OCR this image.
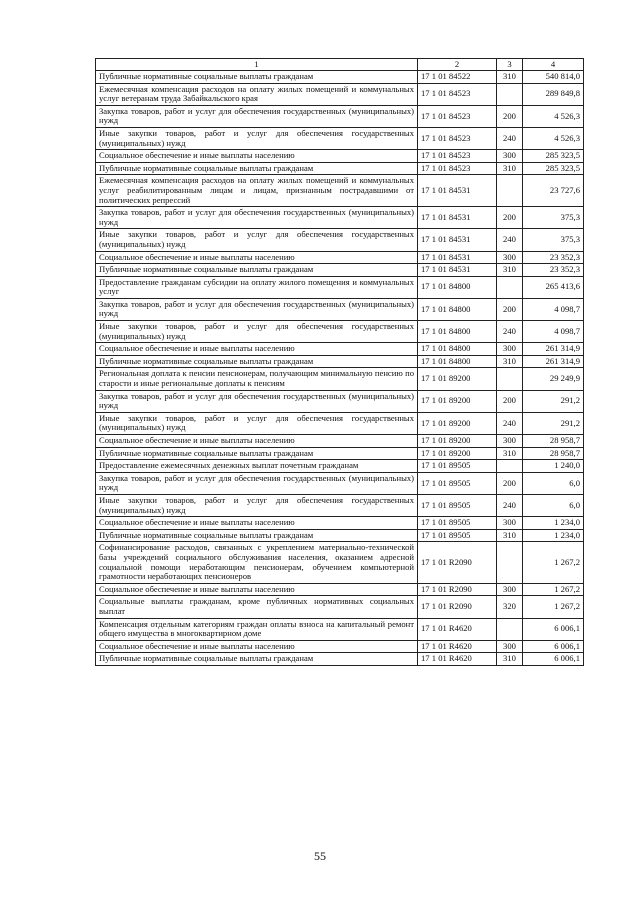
1	2	3	4
Публичные нормативные социальные выплаты гражданам	17 1 01 84522	310	540 814,0
Ежемесячная компенсация расходов на оплату жилых помещений и коммунальных услуг ветеранам труда Забайкальского края	17 1 01 84523		289 849,8
Закупка товаров, работ и услуг для обеспечения государственных (муниципальных) нужд	17 1 01 84523	200	4 526,3
Иные закупки товаров, работ и услуг для обеспечения государственных (муниципальных) нужд	17 1 01 84523	240	4 526,3
Социальное обеспечение и иные выплаты населению	17 1 01 84523	300	285 323,5
Публичные нормативные социальные выплаты гражданам	17 1 01 84523	310	285 323,5
Ежемесячная компенсация расходов на оплату жилых помещений и коммунальных услуг реабилитированным лицам и лицам, признанным пострадавшими от политических репрессий	17 1 01 84531		23 727,6
Закупка товаров, работ и услуг для обеспечения государственных (муниципальных) нужд	17 1 01 84531	200	375,3
Иные закупки товаров, работ и услуг для обеспечения государственных (муниципальных) нужд	17 1 01 84531	240	375,3
Социальное обеспечение и иные выплаты населению	17 1 01 84531	300	23 352,3
Публичные нормативные социальные выплаты гражданам	17 1 01 84531	310	23 352,3
Предоставление гражданам субсидии на оплату жилого помещения и коммунальных услуг	17 1 01 84800		265 413,6
Закупка товаров, работ и услуг для обеспечения государственных (муниципальных) нужд	17 1 01 84800	200	4 098,7
Иные закупки товаров, работ и услуг для обеспечения государственных (муниципальных) нужд	17 1 01 84800	240	4 098,7
Социальное обеспечение и иные выплаты населению	17 1 01 84800	300	261 314,9
Публичные нормативные социальные выплаты гражданам	17 1 01 84800	310	261 314,9
Региональная доплата к пенсии пенсионерам, получающим минимальную пенсию по старости и иные региональные доплаты к пенсиям	17 1 01 89200		29 249,9
Закупка товаров, работ и услуг для обеспечения государственных (муниципальных) нужд	17 1 01 89200	200	291,2
Иные закупки товаров, работ и услуг для обеспечения государственных (муниципальных) нужд	17 1 01 89200	240	291,2
Социальное обеспечение и иные выплаты населению	17 1 01 89200	300	28 958,7
Публичные нормативные социальные выплаты гражданам	17 1 01 89200	310	28 958,7
Предоставление ежемесячных денежных выплат почетным гражданам	17 1 01 89505		1 240,0
Закупка товаров, работ и услуг для обеспечения государственных (муниципальных) нужд	17 1 01 89505	200	6,0
Иные закупки товаров, работ и услуг для обеспечения государственных (муниципальных) нужд	17 1 01 89505	240	6,0
Социальное обеспечение и иные выплаты населению	17 1 01 89505	300	1 234,0
Публичные нормативные социальные выплаты гражданам	17 1 01 89505	310	1 234,0
Софинансирование расходов, связанных с укреплением материально-технической базы учреждений социального обслуживания населения, оказанием адресной социальной помощи неработающим пенсионерам, обучением компьютерной грамотности неработающих пенсионеров	17 1 01 R2090		1 267,2
Социальное обеспечение и иные выплаты населению	17 1 01 R2090	300	1 267,2
Социальные выплаты гражданам, кроме публичных нормативных социальных выплат	17 1 01 R2090	320	1 267,2
Компенсация отдельным категориям граждан оплаты взноса на капитальный ремонт общего имущества в многоквартирном доме	17 1 01 R4620		6 006,1
Социальное обеспечение и иные выплаты населению	17 1 01 R4620	300	6 006,1
Публичные нормативные социальные выплаты гражданам	17 1 01 R4620	310	6 006,1
55
